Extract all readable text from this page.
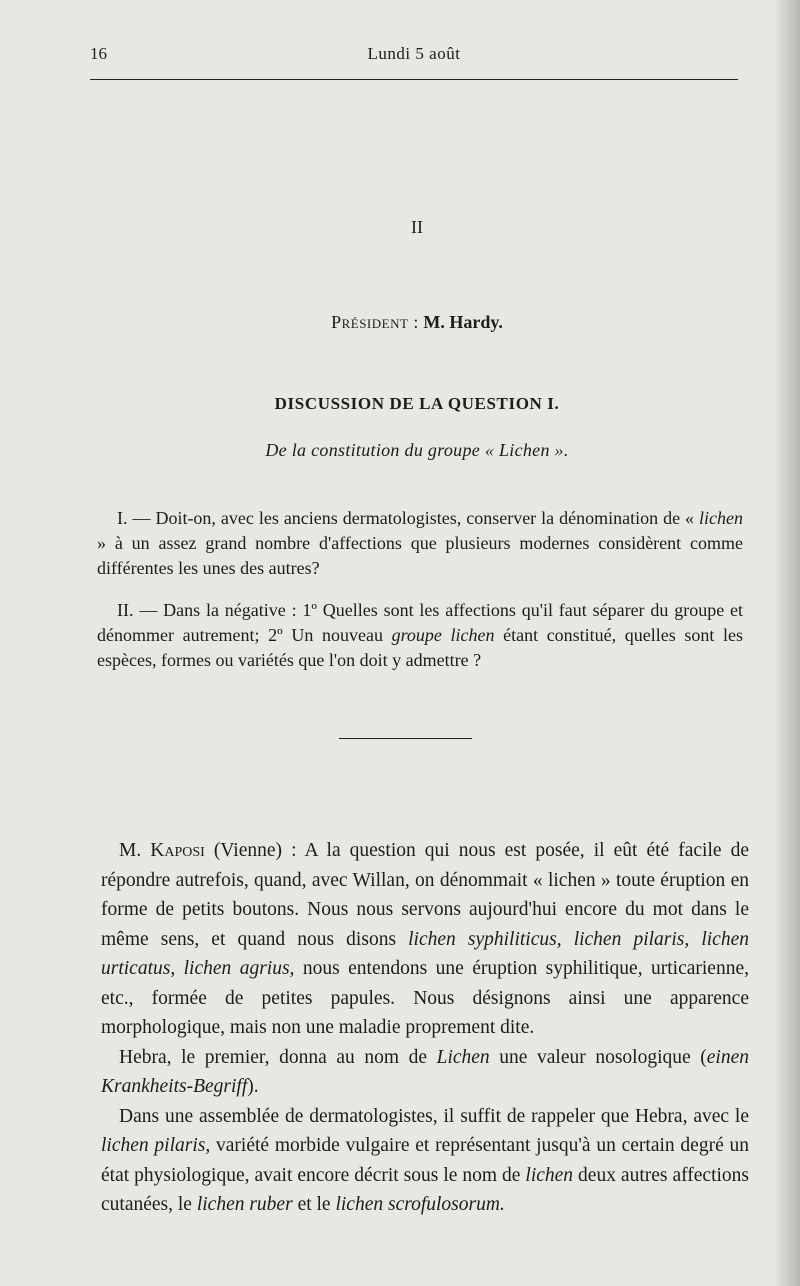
16	Lundi 5 août
II
Président : M. Hardy.
DISCUSSION DE LA QUESTION I.
De la constitution du groupe « Lichen ».
I. — Doit-on, avec les anciens dermatologistes, conserver la dénomination de « lichen » à un assez grand nombre d'affections que plusieurs modernes considèrent comme différentes les unes des autres?
II. — Dans la négative : 1º Quelles sont les affections qu'il faut séparer du groupe et dénommer autrement; 2º Un nouveau groupe lichen étant constitué, quelles sont les espèces, formes ou variétés que l'on doit y admettre ?

M. Kaposi (Vienne) : A la question qui nous est posée, il eût été facile de répondre autrefois, quand, avec Willan, on dénommait « lichen » toute éruption en forme de petits boutons. Nous nous servons aujourd'hui encore du mot dans le même sens, et quand nous disons lichen syphiliticus, lichen pilaris, lichen urticatus, lichen agrius, nous entendons une éruption syphilitique, urticarienne, etc., formée de petites papules. Nous désignons ainsi une apparence morphologique, mais non une maladie proprement dite.

Hebra, le premier, donna au nom de Lichen une valeur nosologique (einen Krankheits-Begriff).

Dans une assemblée de dermatologistes, il suffit de rappeler que Hebra, avec le lichen pilaris, variété morbide vulgaire et représentant jusqu'à un certain degré un état physiologique, avait encore décrit sous le nom de lichen deux autres affections cutanées, le lichen ruber et le lichen scrofulosorum.
